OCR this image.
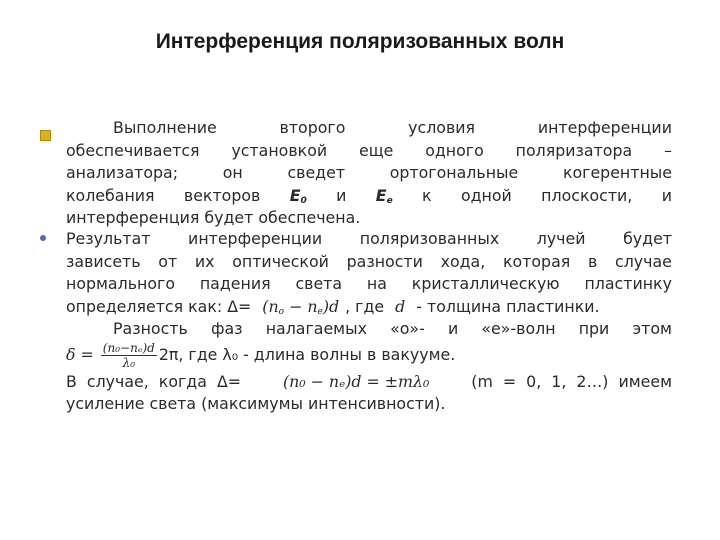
Интерференция поляризованных волн
Выполнение	второго	условия	интерференции
обеспечивается установкой еще одного поляризатора –
анализатора;	он	сведет	ортогональные	когерентные
колебания векторов $E_0$ и $E_е$ к одной плоскости, и
интерференция будет обеспечена.
Результат интерференции поляризованных лучей будет
зависеть от их оптической разности хода, которая в случае
нормального падения света на кристаллическую пластинку
определяется как: $\Delta= (n_o - n_e)d$ , где d - толщина пластинки.
Разность фаз налагаемых «о»- и «е»-волн при этом
$\delta = \frac{\text{(n₀−nₑ)d}}{\text{λ₀}} 2\pi$, где λ₀ - длина волны в вакууме.
В  случае,  когда  Δ=	(n₀ − nₑ)d = ±mλ₀	(m  =  0,  1,  2…)  имеем
усиление света (максимумы интенсивности).
